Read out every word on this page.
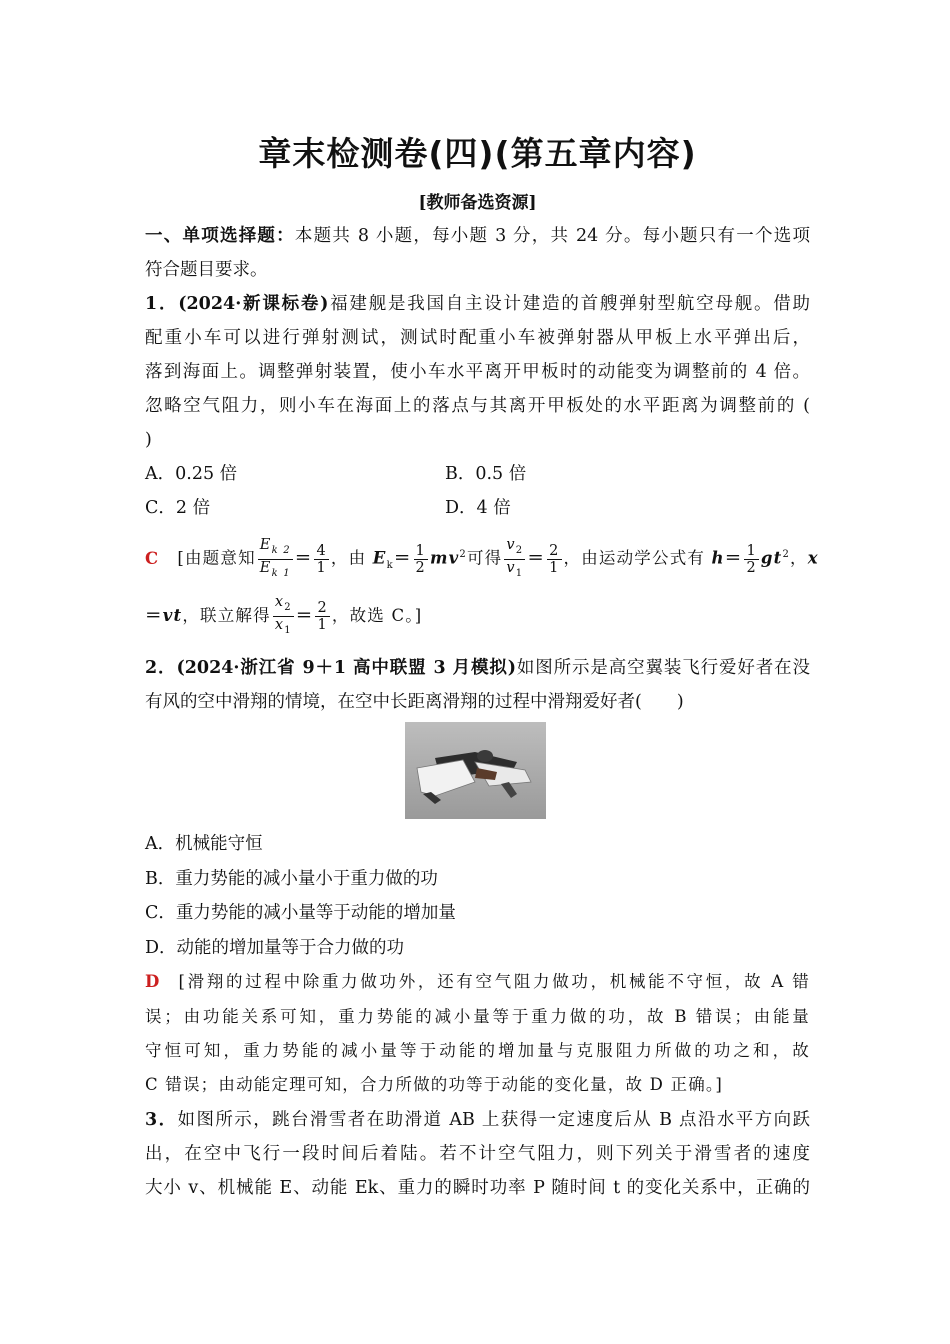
章末检测卷(四)(第五章内容)
[教师备选资源]
一、单项选择题：本题共 8 小题，每小题 3 分，共 24 分。每小题只有一个选项
符合题目要求。
1．(2024·新课标卷)福建舰是我国自主设计建造的首艘弹射型航空母舰。借助
配重小车可以进行弹射测试，测试时配重小车被弹射器从甲板上水平弹出后，
落到海面上。调整弹射装置，使小车水平离开甲板时的动能变为调整前的 4 倍。
忽略空气阻力，则小车在海面上的落点与其离开甲板处的水平距离为调整前的 (
)
A．0.25 倍	B．0.5 倍
C．2 倍	D．4 倍
C [由题意知 $\frac{E_{k 2}}{E_{k 1}} = \frac{4}{1}$ ，由 $E_k= \frac{1}{2} mv^2$可得 $\frac{v_2}{v_1} = \frac{2}{1}$ ，由运动学公式有 $h= \frac{1}{2} gt^2$，x
＝vt，联立解得 $\frac{x_2}{x_1} = \frac{2}{1}$ ，故选 C。]
2．(2024·浙江省 9＋1 高中联盟 3 月模拟)如图所示是高空翼装飞行爱好者在没
有风的空中滑翔的情境，在空中长距离滑翔的过程中滑翔爱好者(　　)
A．机械能守恒
B．重力势能的减小量小于重力做的功
C．重力势能的减小量等于动能的增加量
D．动能的增加量等于合力做的功
D [滑翔的过程中除重力做功外，还有空气阻力做功，机械能不守恒，故 A 错
误；由功能关系可知，重力势能的减小量等于重力做的功，故 B 错误；由能量
守恒可知，重力势能的减小量等于动能的增加量与克服阻力所做的功之和，故
C 错误；由动能定理可知，合力所做的功等于动能的变化量，故 D 正确。]
3．如图所示，跳台滑雪者在助滑道 AB 上获得一定速度后从 B 点沿水平方向跃
出，在空中飞行一段时间后着陆。若不计空气阻力，则下列关于滑雪者的速度
大小 v、机械能 E、动能 Ek、重力的瞬时功率 P 随时间 t 的变化关系中，正确的
